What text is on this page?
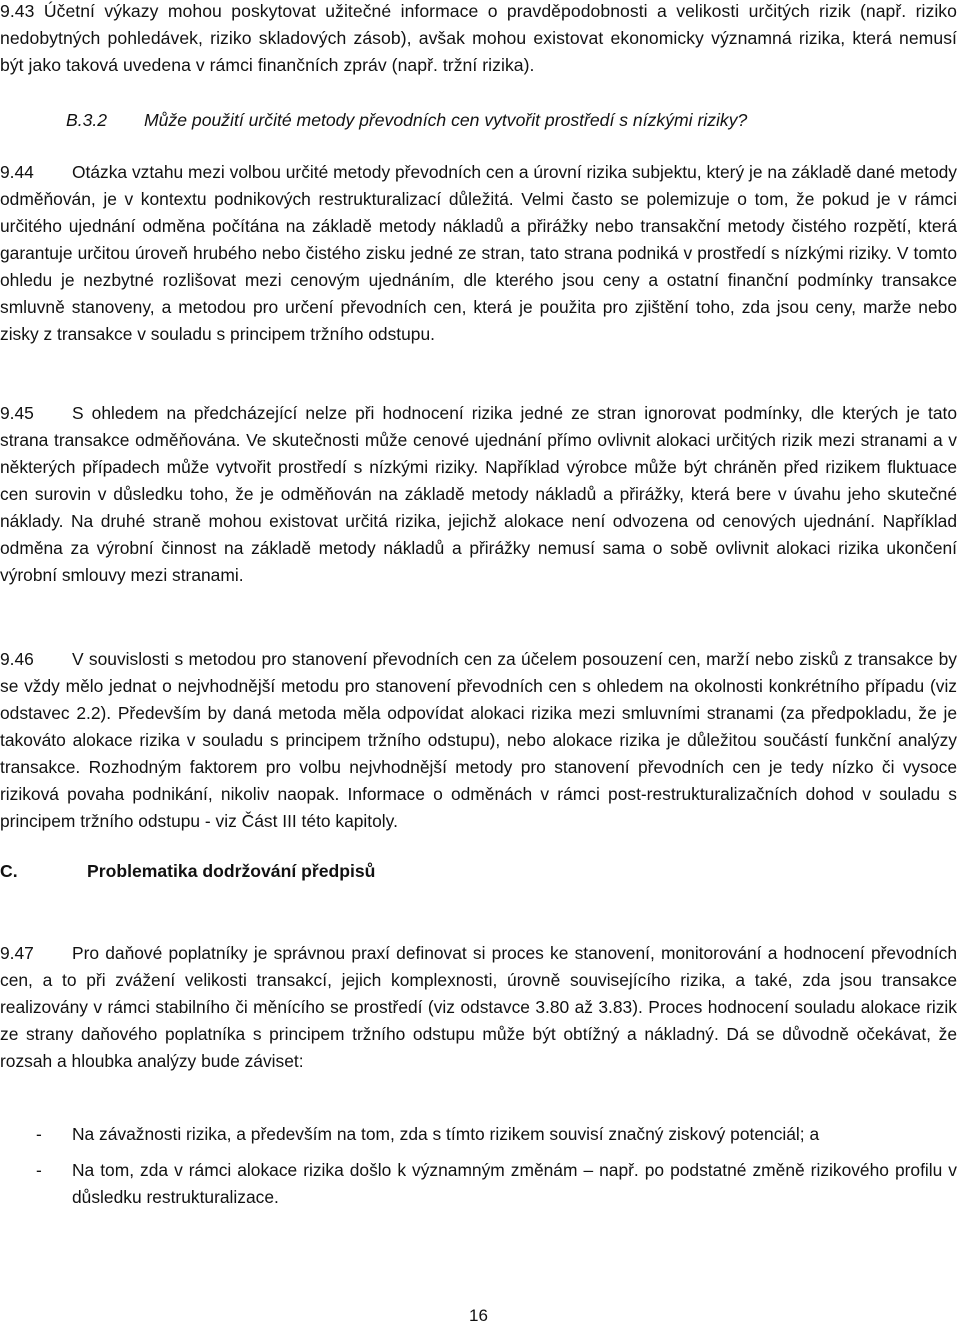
9.43 Účetní výkazy mohou poskytovat užitečné informace o pravděpodobnosti a velikosti určitých rizik (např. riziko nedobytných pohledávek, riziko skladových zásob), avšak mohou existovat ekonomicky významná rizika, která nemusí být jako taková uvedena v rámci finančních zpráv (např. tržní rizika).

B.3.2 Může použití určité metody převodních cen vytvořit prostředí s nízkými riziky?

9.44 Otázka vztahu mezi volbou určité metody převodních cen a úrovní rizika subjektu, který je na základě dané metody odměňován, je v kontextu podnikových restrukturalizací důležitá. Velmi často se polemizuje o tom, že pokud je v rámci určitého ujednání odměna počítána na základě metody nákladů a přirážky nebo transakční metody čistého rozpětí, která garantuje určitou úroveň hrubého nebo čistého zisku jedné ze stran, tato strana podniká v prostředí s nízkými riziky. V tomto ohledu je nezbytné rozlišovat mezi cenovým ujednáním, dle kterého jsou ceny a ostatní finanční podmínky transakce smluvně stanoveny, a metodou pro určení převodních cen, která je použita pro zjištění toho, zda jsou ceny, marže nebo zisky z transakce v souladu s principem tržního odstupu.

9.45 S ohledem na předcházející nelze při hodnocení rizika jedné ze stran ignorovat podmínky, dle kterých je tato strana transakce odměňována. Ve skutečnosti může cenové ujednání přímo ovlivnit alokaci určitých rizik mezi stranami a v některých případech může vytvořit prostředí s nízkými riziky. Například výrobce může být chráněn před rizikem fluktuace cen surovin v důsledku toho, že je odměňován na základě metody nákladů a přirážky, která bere v úvahu jeho skutečné náklady. Na druhé straně mohou existovat určitá rizika, jejichž alokace není odvozena od cenových ujednání. Například odměna za výrobní činnost na základě metody nákladů a přirážky nemusí sama o sobě ovlivnit alokaci rizika ukončení výrobní smlouvy mezi stranami.

9.46 V souvislosti s metodou pro stanovení převodních cen za účelem posouzení cen, marží nebo zisků z transakce by se vždy mělo jednat o nejvhodnější metodu pro stanovení převodních cen s ohledem na okolnosti konkrétního případu (viz odstavec 2.2). Především by daná metoda měla odpovídat alokaci rizika mezi smluvními stranami (za předpokladu, že je takováto alokace rizika v souladu s principem tržního odstupu), nebo alokace rizika je důležitou součástí funkční analýzy transakce. Rozhodným faktorem pro volbu nejvhodnější metody pro stanovení převodních cen je tedy nízko či vysoce riziková povaha podnikání, nikoliv naopak. Informace o odměnách v rámci post-restrukturalizačních dohod v souladu s principem tržního odstupu - viz Část III této kapitoly.

C.	Problematika dodržování předpisů

9.47 Pro daňové poplatníky je správnou praxí definovat si proces ke stanovení, monitorování a hodnocení převodních cen, a to při zvážení velikosti transakcí, jejich komplexnosti, úrovně souvisejícího rizika, a také, zda jsou transakce realizovány v rámci stabilního či měnícího se prostředí (viz odstavce 3.80 až 3.83). Proces hodnocení souladu alokace rizik ze strany daňového poplatníka s principem tržního odstupu může být obtížný a nákladný. Dá se důvodně očekávat, že rozsah a hloubka analýzy bude záviset:

- Na závažnosti rizika, a především na tom, zda s tímto rizikem souvisí značný ziskový potenciál; a
- Na tom, zda v rámci alokace rizika došlo k významným změnám – např. po podstatné změně rizikového profilu v důsledku restrukturalizace.
16
